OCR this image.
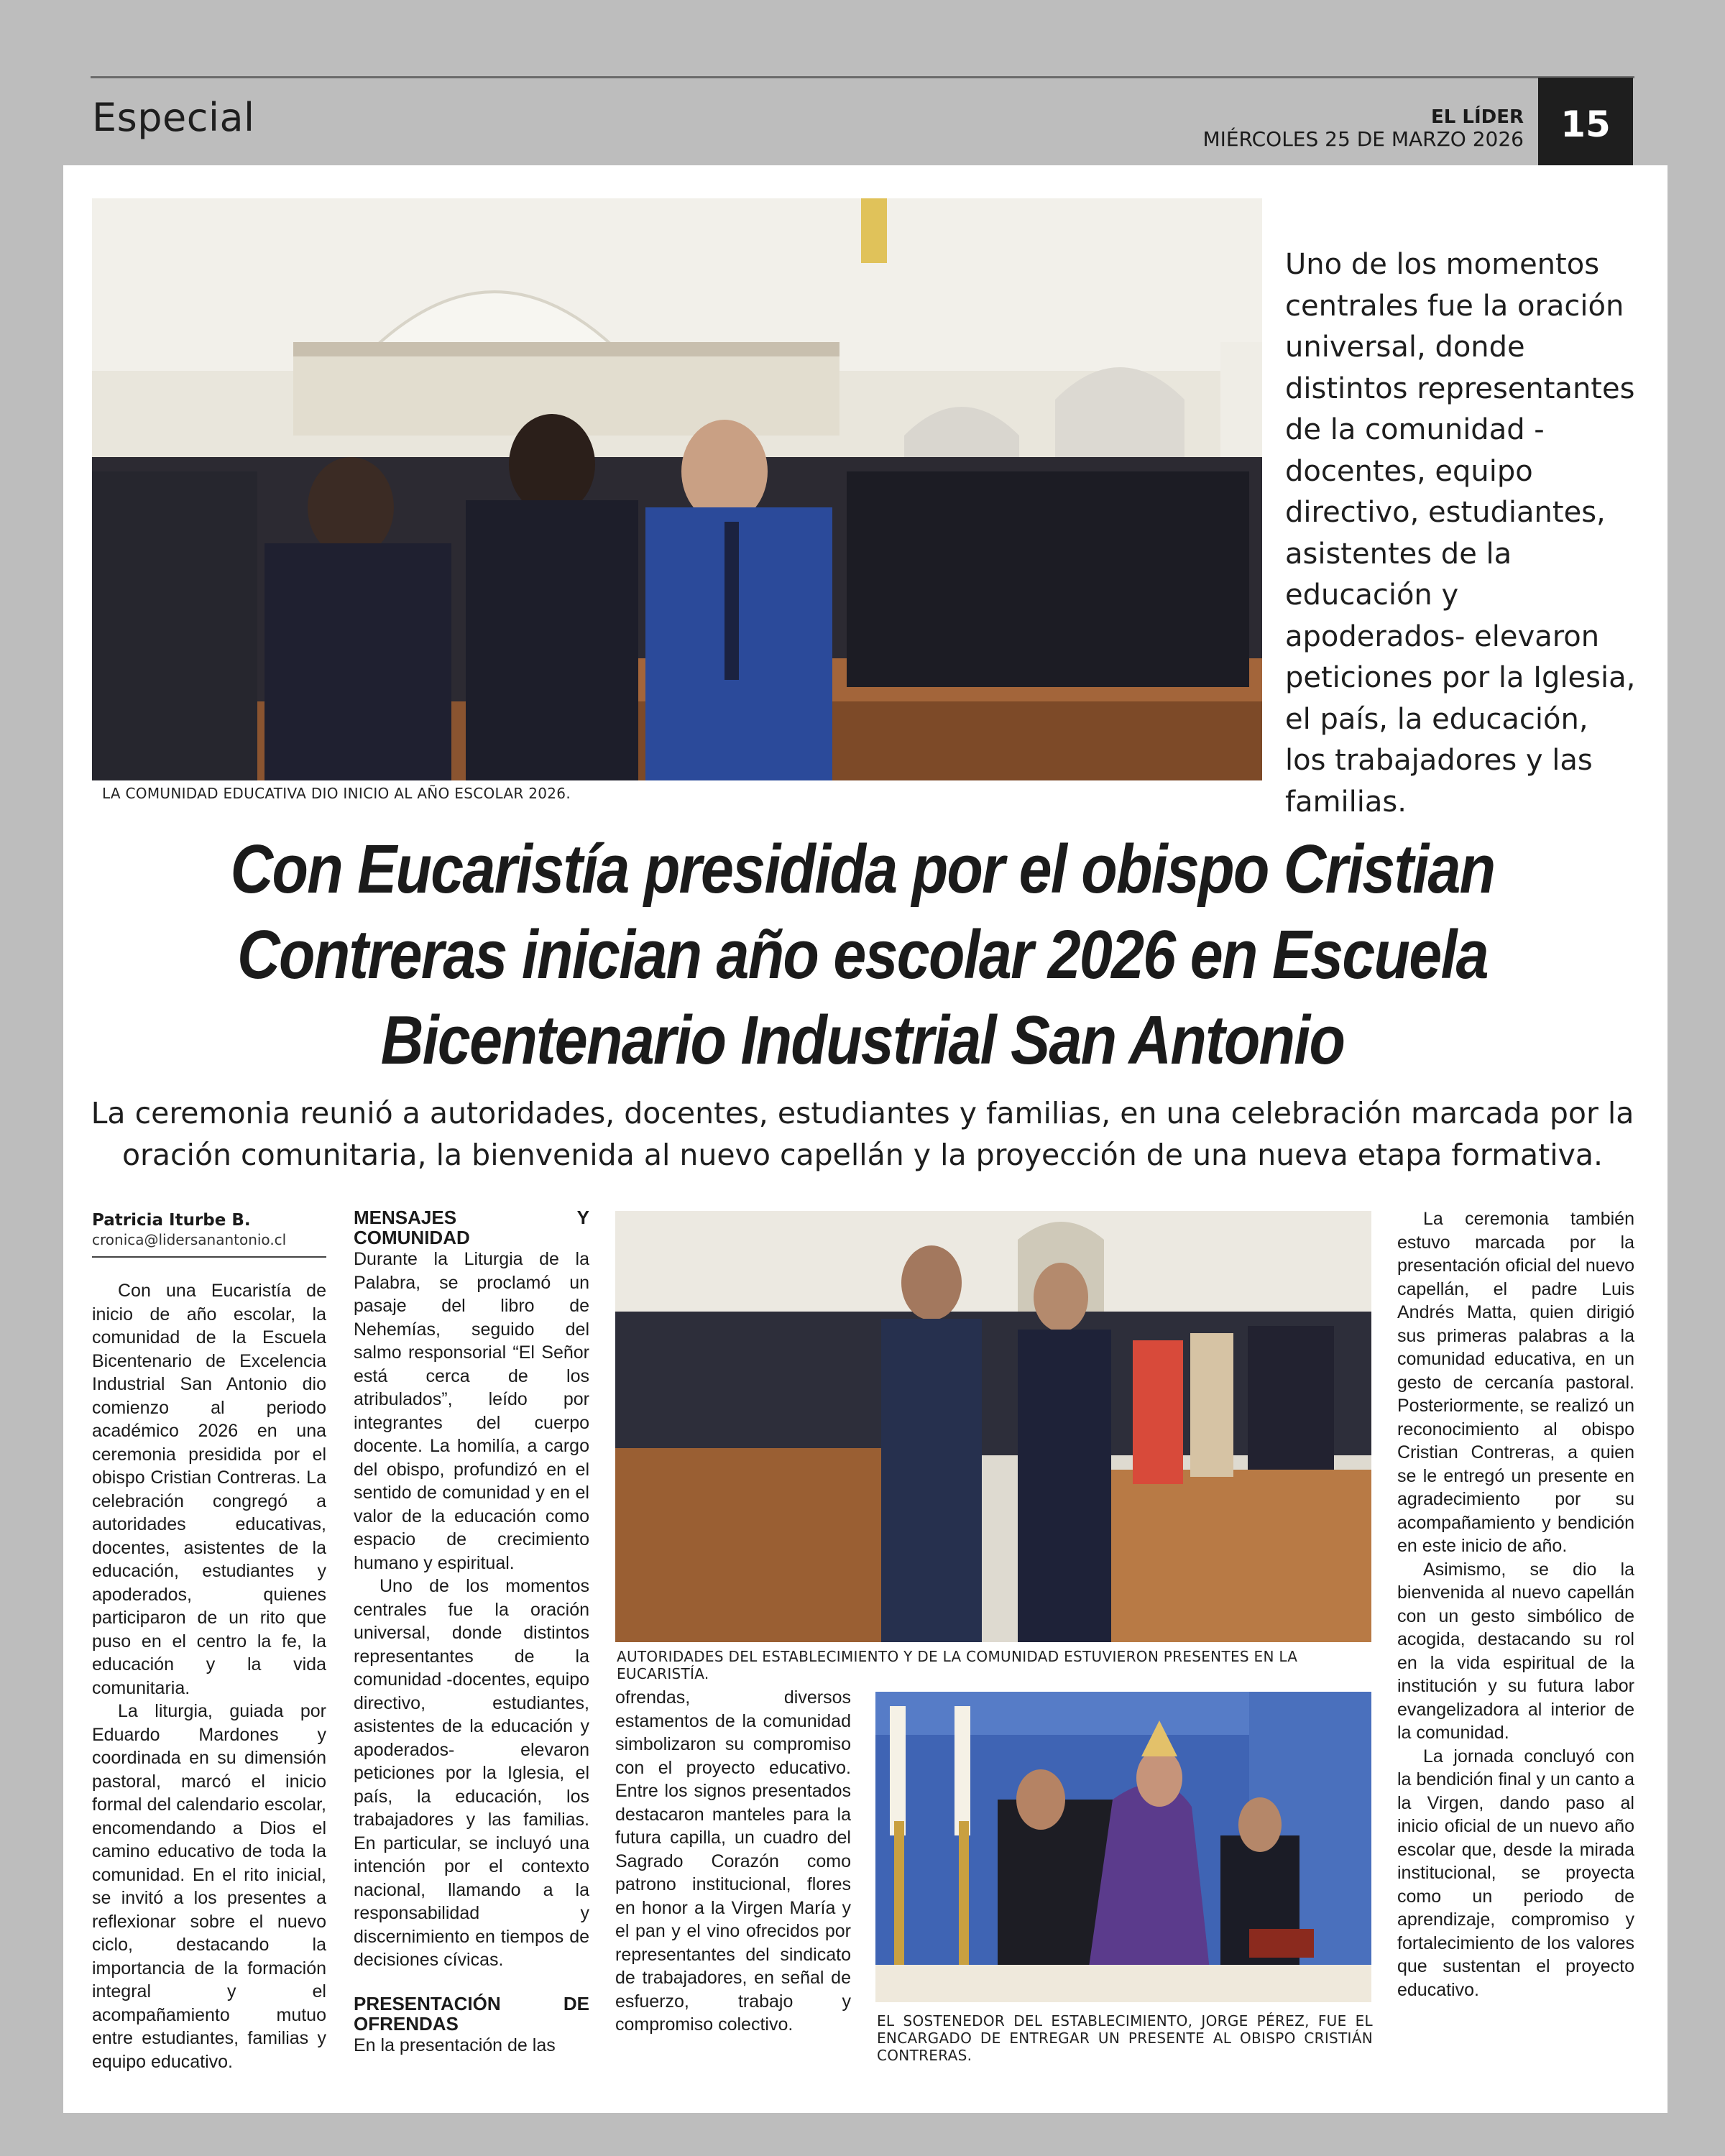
Especial	EL LÍDER
MIÉRCOLES 25 DE MARZO 2026	15
LA COMUNIDAD EDUCATIVA DIO INICIO AL AÑO ESCOLAR 2026.
Uno de los momentos centrales fue la oración universal, donde distintos representantes de la comunidad -docentes, equipo directivo, estudiantes, asistentes de la educación y apoderados- elevaron peticiones por la Iglesia, el país, la educación, los trabajadores y las familias.
Con Eucaristía presidida por el obispo Cristian Contreras inician año escolar 2026 en Escuela Bicentenario Industrial San Antonio
La ceremonia reunió a autoridades, docentes, estudiantes y familias, en una celebración marcada por la oración comunitaria, la bienvenida al nuevo capellán y la proyección de una nueva etapa formativa.
Patricia Iturbe B.
cronica@lidersanantonio.cl

Con una Eucaristía de inicio de año escolar, la comunidad de la Escuela Bicentenario de Excelencia Industrial San Antonio dio comienzo al periodo académico 2026 en una ceremonia presidida por el obispo Cristian Contreras. La celebración congregó a autoridades educativas, docentes, asistentes de la educación, estudiantes y apoderados, quienes participaron de un rito que puso en el centro la fe, la educación y la vida comunitaria.

La liturgia, guiada por Eduardo Mardones y coordinada en su dimensión pastoral, marcó el inicio formal del calendario escolar, encomendando a Dios el camino educativo de toda la comunidad. En el rito inicial, se invitó a los presentes a reflexionar sobre el nuevo ciclo, destacando la importancia de la formación integral y el acompañamiento mutuo entre estudiantes, familias y equipo educativo.

MENSAJES Y COMUNIDAD

Durante la Liturgia de la Palabra, se proclamó un pasaje del libro de Nehemías, seguido del salmo responsorial “El Señor está cerca de los atribulados”, leído por integrantes del cuerpo docente. La homilía, a cargo del obispo, profundizó en el sentido de comunidad y en el valor de la educación como espacio de crecimiento humano y espiritual.

Uno de los momentos centrales fue la oración universal, donde distintos representantes de la comunidad -docentes, equipo directivo, estudiantes, asistentes de la educación y apoderados- elevaron peticiones por la Iglesia, el país, la educación, los trabajadores y las familias. En particular, se incluyó una intención por el contexto nacional, llamando a la responsabilidad y discernimiento en tiempos de decisiones cívicas.

PRESENTACIÓN DE OFRENDAS

En la presentación de las

AUTORIDADES DEL ESTABLECIMIENTO Y DE LA COMUNIDAD ESTUVIERON PRESENTES EN LA EUCARISTÍA.

ofrendas, diversos estamentos de la comunidad simbolizaron su compromiso con el proyecto educativo. Entre los signos presentados destacaron manteles para la futura capilla, un cuadro del Sagrado Corazón como patrono institucional, flores en honor a la Virgen María y el pan y el vino ofrecidos por representantes del sindicato de trabajadores, en señal de esfuerzo, trabajo y compromiso colectivo.	EL SOSTENEDOR DEL ESTABLECIMIENTO, JORGE PÉREZ, FUE EL ENCARGADO DE ENTREGAR UN PRESENTE AL OBISPO CRISTIÁN CONTRERAS.

La ceremonia también estuvo marcada por la presentación oficial del nuevo capellán, el padre Luis Andrés Matta, quien dirigió sus primeras palabras a la comunidad educativa, en un gesto de cercanía pastoral. Posteriormente, se realizó un reconocimiento al obispo Cristian Contreras, a quien se le entregó un presente en agradecimiento por su acompañamiento y bendición en este inicio de año.

Asimismo, se dio la bienvenida al nuevo capellán con un gesto simbólico de acogida, destacando su rol en la vida espiritual de la institución y su futura labor evangelizadora al interior de la comunidad.

La jornada concluyó con la bendición final y un canto a la Virgen, dando paso al inicio oficial de un nuevo año escolar que, desde la mirada institucional, se proyecta como un periodo de aprendizaje, compromiso y fortalecimiento de los valores que sustentan el proyecto educativo.
